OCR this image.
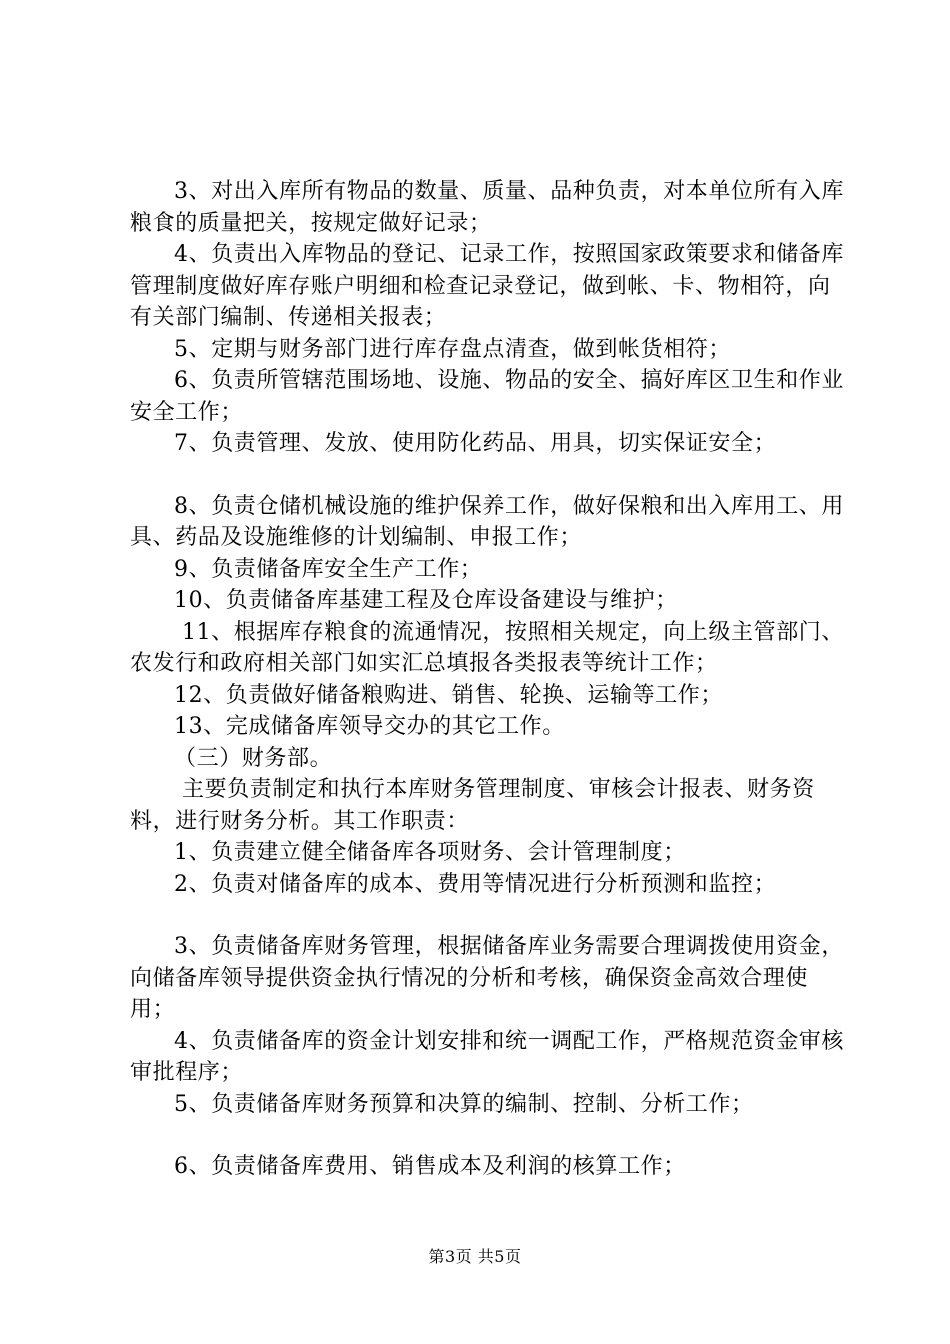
3、对出入库所有物品的数量、质量、品种负责，对本单位所有入库粮食的质量把关，按规定做好记录；

4、负责出入库物品的登记、记录工作，按照国家政策要求和储备库管理制度做好库存账户明细和检查记录登记，做到帐、卡、物相符，向有关部门编制、传递相关报表；

5、定期与财务部门进行库存盘点清查，做到帐货相符；

6、负责所管辖范围场地、设施、物品的安全、搞好库区卫生和作业安全工作；

7、负责管理、发放、使用防化药品、用具，切实保证安全；

8、负责仓储机械设施的维护保养工作，做好保粮和出入库用工、用具、药品及设施维修的计划编制、申报工作；

9、负责储备库安全生产工作；

10、负责储备库基建工程及仓库设备建设与维护；

11、根据库存粮食的流通情况，按照相关规定，向上级主管部门、农发行和政府相关部门如实汇总填报各类报表等统计工作；

12、负责做好储备粮购进、销售、轮换、运输等工作；

13、完成储备库领导交办的其它工作。

（三）财务部。

主要负责制定和执行本库财务管理制度、审核会计报表、财务资料，进行财务分析。其工作职责：

1、负责建立健全储备库各项财务、会计管理制度；

2、负责对储备库的成本、费用等情况进行分析预测和监控；

3、负责储备库财务管理，根据储备库业务需要合理调拨使用资金，向储备库领导提供资金执行情况的分析和考核，确保资金高效合理使用；

4、负责储备库的资金计划安排和统一调配工作，严格规范资金审核审批程序；

5、负责储备库财务预算和决算的编制、控制、分析工作；

6、负责储备库费用、销售成本及利润的核算工作；

第3页 共5页
